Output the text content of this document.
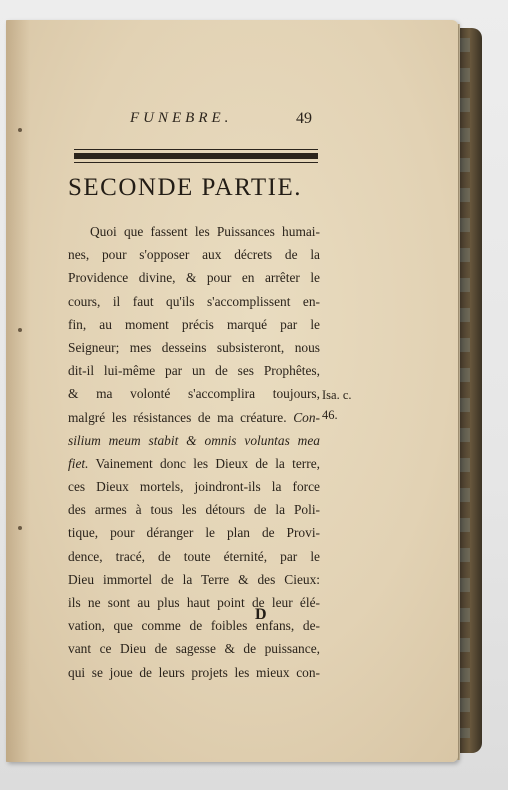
FUNEBRE.	49
SECONDE PARTIE.
Quoi que fassent les Puissances humai-
nes, pour s'opposer aux décrets de la
Providence divine, & pour en arrêter le
cours, il faut qu'ils s'accomplissent en-
fin, au moment précis marqué par le
Seigneur; mes desseins subsisteront, nous
dit-il lui-même par un de ses Prophêtes,
& ma volonté s'accomplira toujours,
malgré les résistances de ma créature. Con-
silium meum stabit & omnis voluntas mea
fiet. Vainement donc les Dieux de la terre,
ces Dieux mortels, joindront-ils la force
des armes à tous les détours de la Poli-
tique, pour déranger le plan de Provi-
dence, tracé, de toute éternité, par le
Dieu immortel de la Terre & des Cieux:
ils ne sont au plus haut point de leur élé-
vation, que comme de foibles enfans, de-
vant ce Dieu de sagesse & de puissance,
qui se joue de leurs projets les mieux con-
Isa. c.
46.
D
